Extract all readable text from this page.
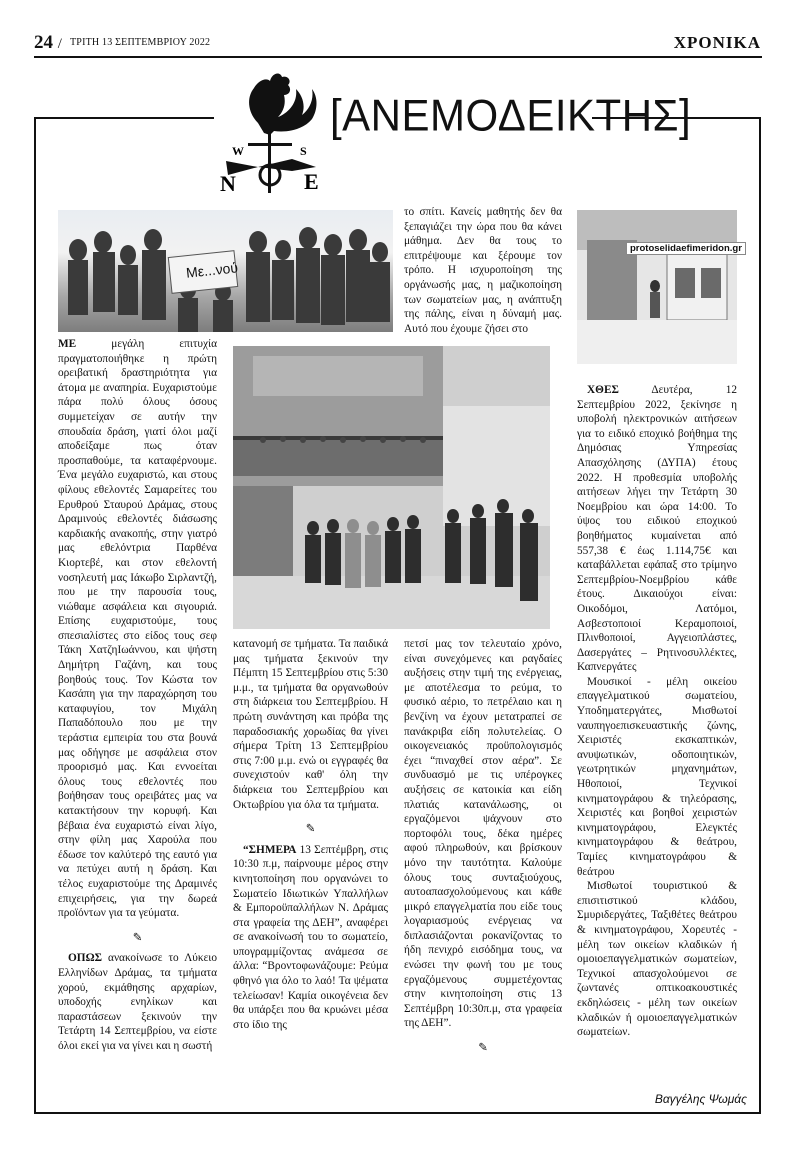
24 / ΤΡΙΤΗ 13 ΣΕΠΤΕΜΒΡΙΟΥ 2022	ΧΡΟΝΙΚΑ
W	S
N	E
[ΑΝΕΜΟΔΕΙΚΤΗΣ]
Με...νού
protoselidaefimeridon.gr

ΜΕ μεγάλη επιτυχία πραγματοποιήθηκε η πρώτη ορειβατική δραστηριότητα για άτομα με αναπηρία. Ευχαριστούμε πάρα πολύ όλους όσους συμμετείχαν σε αυτήν την σπουδαία δράση, γιατί όλοι μαζί αποδείξαμε πως όταν προσπαθούμε, τα καταφέρνουμε. Ένα μεγάλο ευχαριστώ, και στους φίλους εθελοντές Σαμαρείτες του Ερυθρού Σταυρού Δράμας, στους Δραμινούς εθελοντές διάσωσης καρδιακής ανακοπής, στην γιατρό μας εθελόντρια Παρθένα Κιορτεβέ, και στον εθελοντή νοσηλευτή μας Ιάκωβο Σιρλαντζή, που με την παρουσία τους, νιώθαμε ασφάλεια και σιγουριά. Επίσης ευχαριστούμε, τους σπεσιαλίστες στο είδος τους σεφ Τάκη ΧατζηΙωάννου, και ψήστη Δημήτρη Γαζάνη, και τους βοηθούς τους. Τον Κώστα τον Κασάπη για την παραχώρηση του καταφυγίου, τον Μιχάλη Παπαδόπουλο που με την τεράστια εμπειρία του στα βουνά μας οδήγησε με ασφάλεια στον προορισμό μας. Και εννοείται όλους τους εθελοντές που βοήθησαν τους ορειβάτες μας να κατακτήσουν την κορυφή. Και βέβαια ένα ευχαριστώ είναι λίγο, στην φίλη μας Χαρούλα που έδωσε τον καλύτερό της εαυτό για να πετύχει αυτή η δράση. Και τέλος ευχαριστούμε της Δραμινές επιχειρήσεις, για την δωρεά προϊόντων για τα γεύματα.

✎

ΟΠΩΣ ανακοίνωσε το Λύκειο Ελληνίδων Δράμας, τα τμήματα χορού, εκμάθησης αρχαρίων, υποδοχής ενηλίκων και παραστάσεων ξεκινούν την Τετάρτη 14 Σεπτεμβρίου, να είστε όλοι εκεί για να γίνει και η σωστή

κατανομή σε τμήματα. Τα παιδικά μας τμήματα ξεκινούν την Πέμπτη 15 Σεπτεμβρίου στις 5:30 μ.μ., τα τμήματα θα οργανωθούν στη διάρκεια του Σεπτεμβρίου. Η πρώτη συνάντηση και πρόβα της παραδοσιακής χορωδίας θα γίνει σήμερα Τρίτη 13 Σεπτεμβρίου στις 7:00 μ.μ. ενώ οι εγγραφές θα συνεχιστούν καθ' όλη την διάρκεια του Σεπτεμβρίου και Οκτωβρίου για όλα τα τμήματα.

✎

“ΣΗΜΕΡΑ 13 Σεπτέμβρη, στις 10:30 π.μ, παίρνουμε μέρος στην κινητοποίηση που οργανώνει το Σωματείο Ιδιωτικών Υπαλλήλων & Εμποροϋπαλλήλων Ν. Δράμας στα γραφεία της ΔΕΗ”, αναφέρει σε ανακοίνωσή του το σωματείο, υπογραμμίζοντας ανάμεσα σε άλλα: “Βροντοφωνάζουμε: Ρεύμα φθηνό για όλο το λαό! Τα ψέματα τελείωσαν! Καμία οικογένεια δεν θα υπάρξει που θα κρυώνει μέσα στο ίδιο της

το σπίτι. Κανείς μαθητής δεν θα ξεπαγιάζει την ώρα που θα κάνει μάθημα. Δεν θα τους το επιτρέψουμε και ξέρουμε τον τρόπο. Η ισχυροποίηση της οργάνωσής μας, η μαζικοποίηση των σωματείων μας, η ανάπτυξη της πάλης, είναι η δύναμή μας. Αυτό που έχουμε ζήσει στο

πετσί μας τον τελευταίο χρόνο, είναι συνεχόμενες και ραγδαίες αυξήσεις στην τιμή της ενέργειας, με αποτέλεσμα το ρεύμα, το φυσικό αέριο, το πετρέλαιο και η βενζίνη να έχουν μετατραπεί σε πανάκριβα είδη πολυτελείας. Ο οικογενειακός προϋπολογισμός έχει “πιναχθεί στον αέρα”. Σε συνδυασμό με τις υπέρογκες αυξήσεις σε κατοικία και είδη πλατιάς κατανάλωσης, οι εργαζόμενοι ψάχνουν στο πορτοφόλι τους, δέκα ημέρες αφού πληρωθούν, και βρίσκουν μόνο την ταυτότητα. Καλούμε όλους τους συνταξιούχους, αυτοαπασχολούμενους και κάθε μικρό επαγγελματία που είδε τους λογαριασμούς ενέργειας να διπλασιάζονται ροκανίζοντας το ήδη πενιχρό εισόδημα τους, να ενώσει την φωνή του με τους εργαζόμενους συμμετέχοντας στην κινητοποίηση στις 13 Σεπτέμβρη 10:30π.μ, στα γραφεία της ΔΕΗ”.

✎

ΧΘΕΣ Δευτέρα, 12 Σεπτεμβρίου 2022, ξεκίνησε η υποβολή ηλεκτρονικών αιτήσεων για το ειδικό εποχικό βοήθημα της Δημόσιας Υπηρεσίας Απασχόλησης (ΔΥΠΑ) έτους 2022. Η προθεσμία υποβολής αιτήσεων λήγει την Τετάρτη 30 Νοεμβρίου και ώρα 14:00. Το ύψος του ειδικού εποχικού βοηθήματος κυμαίνεται από 557,38 € έως 1.114,75€ και καταβάλλεται εφάπαξ στο τρίμηνο Σεπτεμβρίου-Νοεμβρίου κάθε έτους. Δικαιούχοι είναι: Οικοδόμοι, Λατόμοι, Ασβεστοποιοί Κεραμοποιοί, Πλινθοποιοί, Αγγειοπλάστες, Δασεργάτες – Ρητινοσυλλέκτες, Καπνεργάτες

Μουσικοί - μέλη οικείου επαγγελματικού σωματείου, Υποδηματεργάτες, Μισθωτοί ναυπηγοεπισκευαστικής ζώνης, Χειριστές εκσκαπτικών, ανυψωτικών, οδοποιητικών, γεωτρητικών μηχανημάτων, Ηθοποιοί, Τεχνικοί κινηματογράφου & τηλεόρασης, Χειριστές και βοηθοί χειριστών κινηματογράφου, Ελεγκτές κινηματογράφου & θεάτρου, Ταμίες κινηματογράφου & θεάτρου

Μισθωτοί τουριστικού & επισιτιστικού κλάδου, Σμυριδεργάτες, Ταξιθέτες θεάτρου & κινηματογράφου, Χορευτές - μέλη των οικείων κλαδικών ή ομοιοεπαγγελματικών σωματείων, Τεχνικοί απασχολούμενοι σε ζωντανές οπτικοακουστικές εκδηλώσεις - μέλη των οικείων κλαδικών ή ομοιοεπαγγελματικών σωματείων.

Βαγγέλης Ψωμάς
